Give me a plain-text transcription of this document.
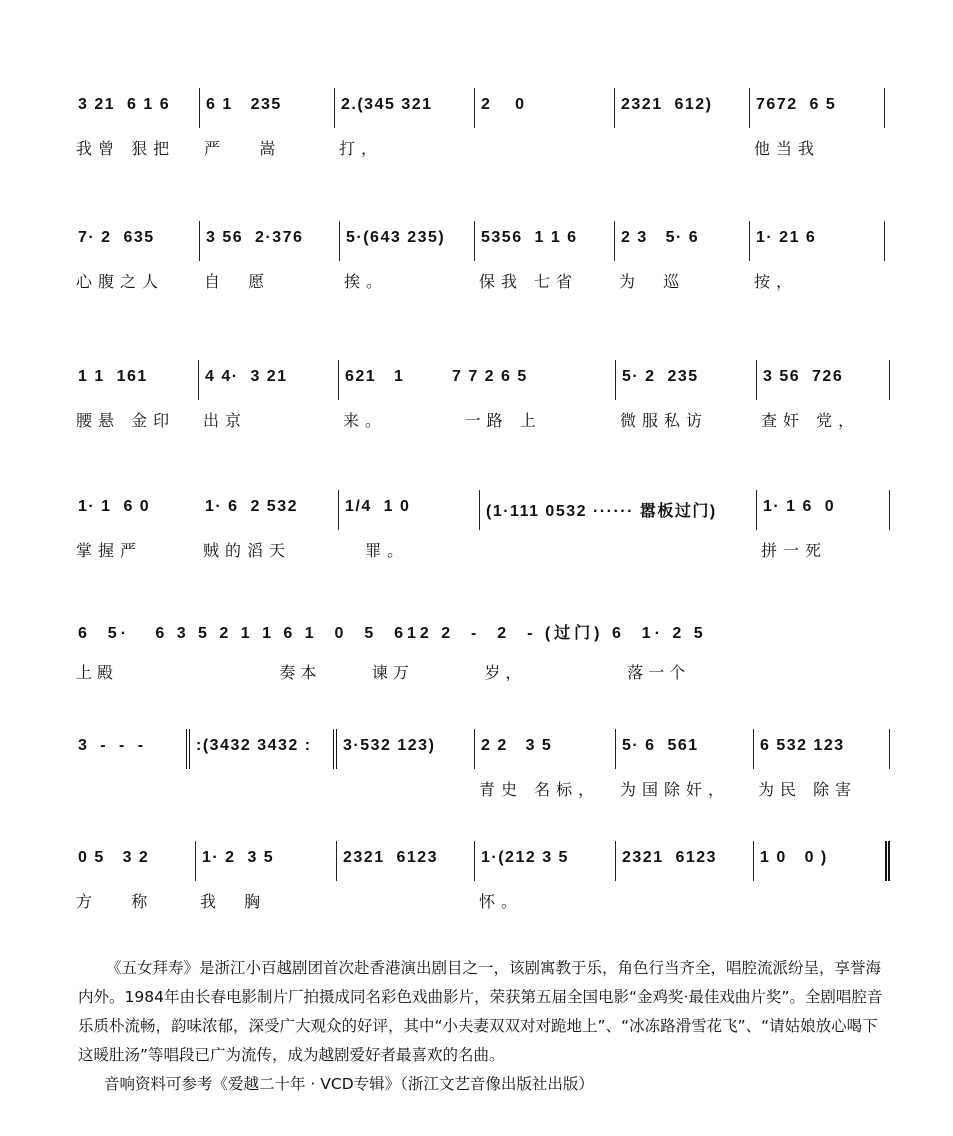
3 21  6 1 6
我曾 狠把
6 1   235
严   嵩
2.(345 321
打，
2    0	2321  612)	7672  6 5
他当我
7· 2  635
心腹之人
3 56  2·376
自  愿
5·(643 235)
挨。
5356  1 1 6
保我 七省
2 3   5· 6
为  巡
1· 21 6
按，
1 1  161
腰悬 金印
4 4·  3 21
出京
621   1        7 7 2 6 5
来。       一路 上
5· 2  235
微服私访
3 56  726
查奸 党，
1· 1  6 0
掌握严
1· 6  2 532
贼的滔天
1/4  1 0
罪。
(1·111 0532 ······ 嚣板过门)	1· 1 6  0
拼一死
6  5·   6 3 5 2 1 1 6 1  0  5  612 2  -  2  - (过门) 6  1· 2 5
上殿                奏本     谏万       岁，          落一个
3  -  -  -	:(3432 3432 : 3·532 123)	2 2   3 5
青史 名标，
5· 6  561
为国除奸，
6 532 123
为民 除害
0 5   3 2
方   称
1· 2  3 5
我  胸
2321  6123	1·(212 3 5
怀。
2321  6123	1 0   0 )
《五女拜寿》是浙江小百越剧团首次赴香港演出剧目之一，该剧寓教于乐，角色行当齐全，唱腔流派纷呈，享誉海内外。1984年由长春电影制片厂拍摄成同名彩色戏曲影片，荣获第五届全国电影“金鸡奖·最佳戏曲片奖”。全剧唱腔音乐质朴流畅，韵味浓郁，深受广大观众的好评，其中“小夫妻双双对对跪地上”、“冰冻路滑雪花飞”、“请姑娘放心喝下这暖肚汤”等唱段已广为流传，成为越剧爱好者最喜欢的名曲。
音响资料可参考《爱越二十年 · VCD专辑》（浙江文艺音像出版社出版）
